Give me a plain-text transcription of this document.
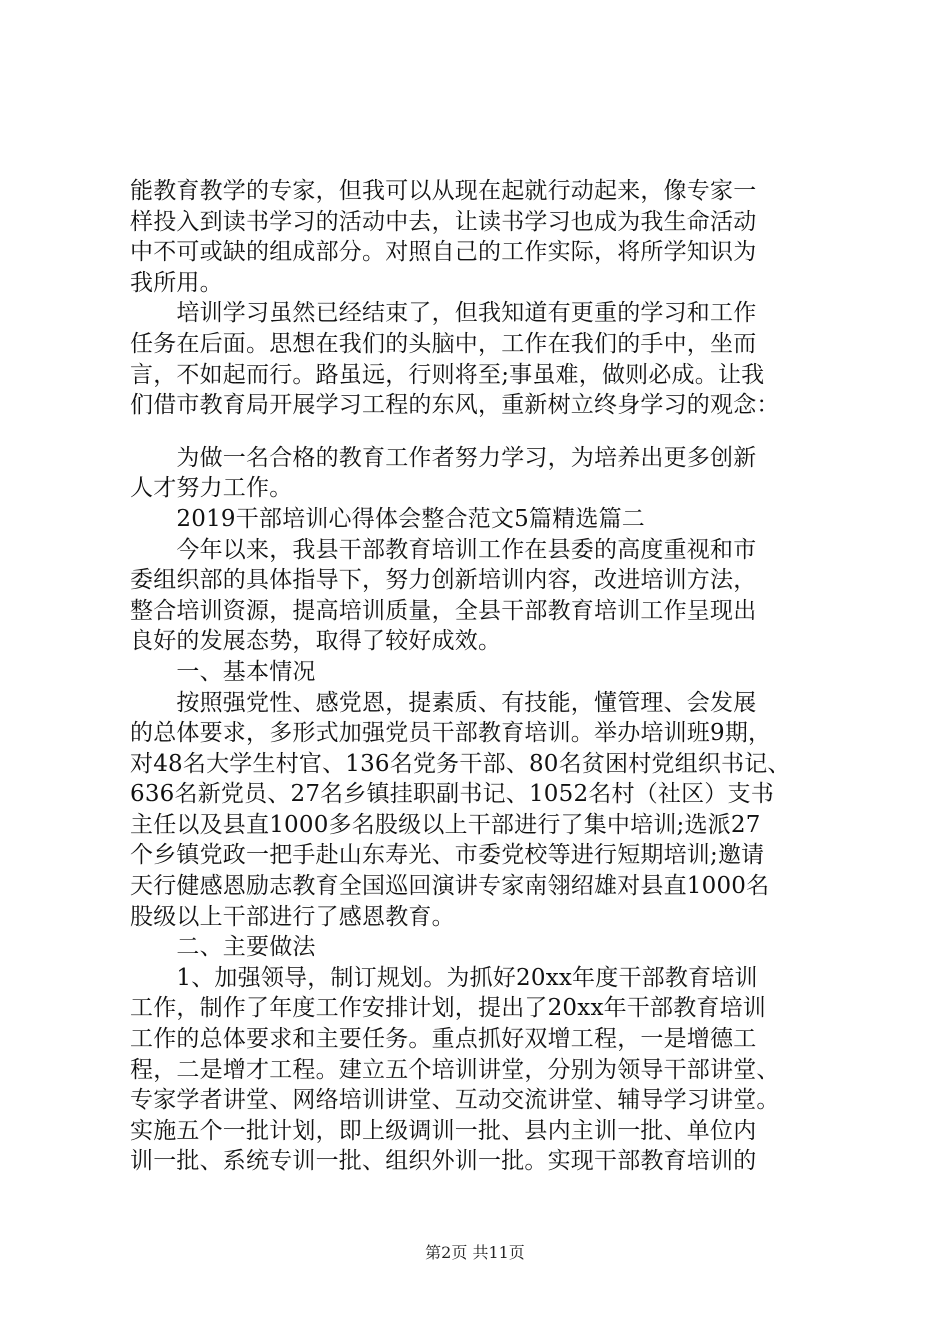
能教育教学的专家，但我可以从现在起就行动起来，像专家一
样投入到读书学习的活动中去，让读书学习也成为我生命活动
中不可或缺的组成部分。对照自己的工作实际，将所学知识为
我所用。
　　培训学习虽然已经结束了，但我知道有更重的学习和工作
任务在后面。思想在我们的头脑中，工作在我们的手中，坐而
言，不如起而行。路虽远，行则将至;事虽难，做则必成。让我
们借市教育局开展学习工程的东风，重新树立终身学习的观念：
　　为做一名合格的教育工作者努力学习，为培养出更多创新
人才努力工作。
　　2019干部培训心得体会整合范文5篇精选篇二
　　今年以来，我县干部教育培训工作在县委的高度重视和市
委组织部的具体指导下，努力创新培训内容，改进培训方法，
整合培训资源，提高培训质量，全县干部教育培训工作呈现出
良好的发展态势，取得了较好成效。
　　一、基本情况
　　按照强党性、感党恩，提素质、有技能，懂管理、会发展
的总体要求，多形式加强党员干部教育培训。举办培训班9期，
对48名大学生村官、136名党务干部、80名贫困村党组织书记、
636名新党员、27名乡镇挂职副书记、1052名村（社区）支书
主任以及县直1000多名股级以上干部进行了集中培训;选派27
个乡镇党政一把手赴山东寿光、市委党校等进行短期培训;邀请
天行健感恩励志教育全国巡回演讲专家南翎绍雄对县直1000名
股级以上干部进行了感恩教育。
　　二、主要做法
　　1、加强领导，制订规划。为抓好20xx年度干部教育培训
工作，制作了年度工作安排计划，提出了20xx年干部教育培训
工作的总体要求和主要任务。重点抓好双增工程，一是增德工
程，二是增才工程。建立五个培训讲堂，分别为领导干部讲堂、
专家学者讲堂、网络培训讲堂、互动交流讲堂、辅导学习讲堂。
实施五个一批计划，即上级调训一批、县内主训一批、单位内
训一批、系统专训一批、组织外训一批。实现干部教育培训的
第2页 共11页
